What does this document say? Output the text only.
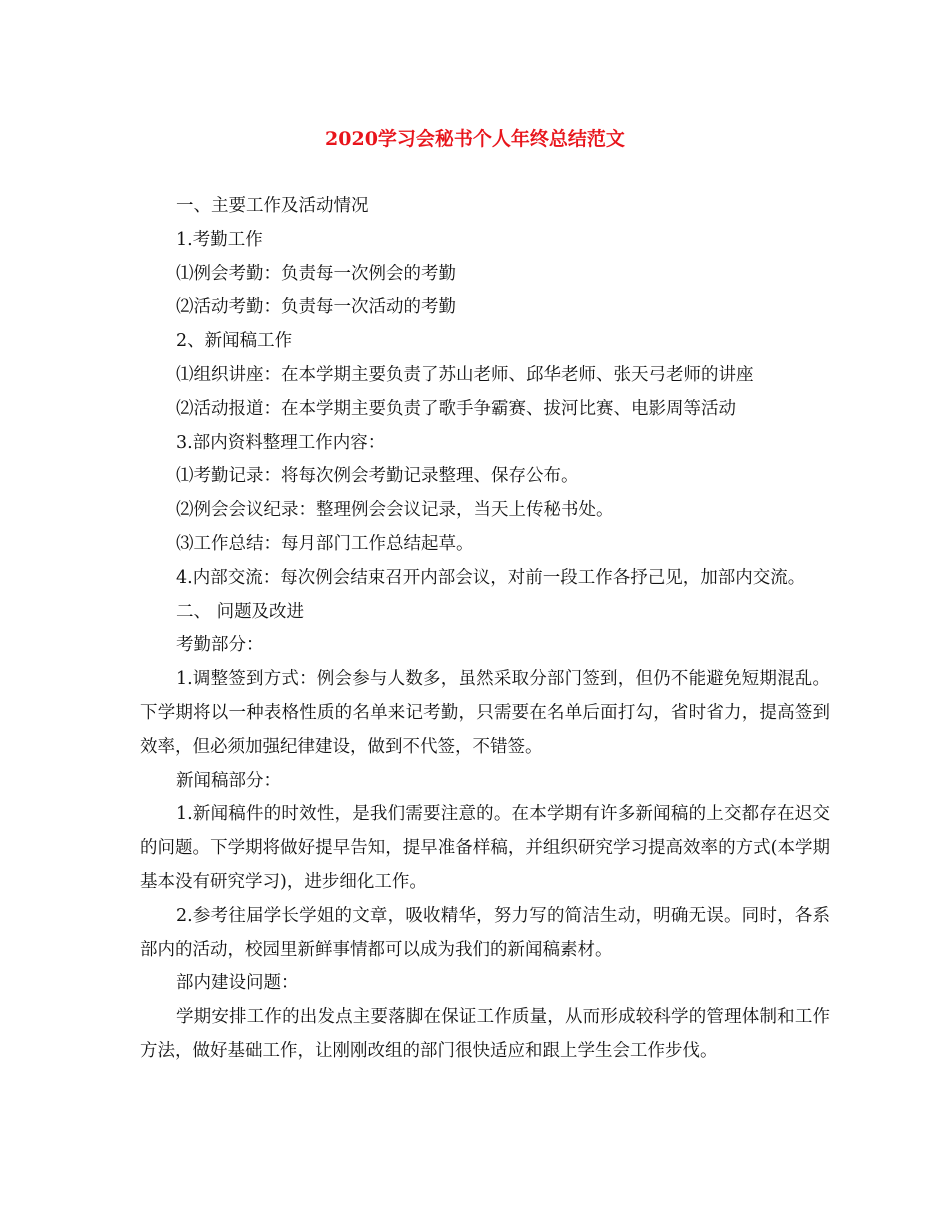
2020学习会秘书个人年终总结范文

一、主要工作及活动情况

1.考勤工作

⑴例会考勤：负责每一次例会的考勤

⑵活动考勤：负责每一次活动的考勤

2、新闻稿工作

⑴组织讲座：在本学期主要负责了苏山老师、邱华老师、张天弓老师的讲座

⑵活动报道：在本学期主要负责了歌手争霸赛、拔河比赛、电影周等活动

3.部内资料整理工作内容：

⑴考勤记录：将每次例会考勤记录整理、保存公布。

⑵例会会议纪录：整理例会会议记录，当天上传秘书处。

⑶工作总结：每月部门工作总结起草。

4.内部交流：每次例会结束召开内部会议，对前一段工作各抒己见，加部内交流。

二、 问题及改进

考勤部分：

1.调整签到方式：例会参与人数多，虽然采取分部门签到，但仍不能避免短期混乱。下学期将以一种表格性质的名单来记考勤，只需要在名单后面打勾，省时省力，提高签到效率，但必须加强纪律建设，做到不代签，不错签。

新闻稿部分：

1.新闻稿件的时效性，是我们需要注意的。在本学期有许多新闻稿的上交都存在迟交的问题。下学期将做好提早告知，提早准备样稿，并组织研究学习提高效率的方式(本学期基本没有研究学习)，进步细化工作。

2.参考往届学长学姐的文章，吸收精华，努力写的简洁生动，明确无误。同时，各系部内的活动，校园里新鲜事情都可以成为我们的新闻稿素材。

部内建设问题：

学期安排工作的出发点主要落脚在保证工作质量，从而形成较科学的管理体制和工作方法，做好基础工作，让刚刚改组的部门很快适应和跟上学生会工作步伐。
